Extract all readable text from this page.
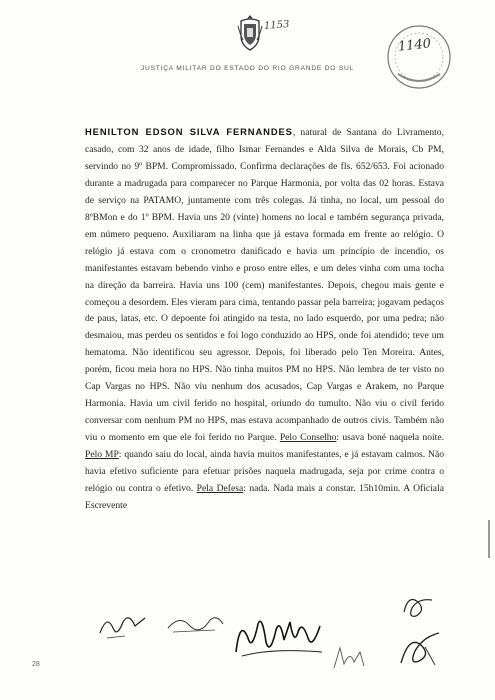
1153
JUSTIÇA MILITAR DO ESTADO DO RIO GRANDE DO SUL
1140

HENILTON EDSON SILVA FERNANDES, natural de Santana do Livramento, casado, com 32 anos de idade, filho Ismar Fernandes e Alda Silva de Morais, Cb PM, servindo no 9º BPM. Compromissado. Confirma declarações de fls. 652/653. Foi acionado durante a madrugada para comparecer no Parque Harmonia, por volta das 02 horas. Estava de serviço na PATAMO, juntamente com três colegas. Já tinha, no local, um pessoal do 8ºBMon e do 1º BPM. Havia uns 20 (vinte) homens no local e também segurança privada, em número pequeno. Auxiliaram na linha que já estava formada em frente ao relógio. O relógio já estava com o cronometro danificado e havia um princípio de incendio, os manifestantes estavam bebendo vinho e proso entre elles, e um deles vinha com uma tocha na direção da barreira. Havia uns 100 (cem) manifestantes. Depois, chegou mais gente e começou a desordem. Eles vieram para cima, tentando passar pela barreira; jogavam pedaços de paus, latas, etc. O depoente foi atingido na testa, no lado esquerdo, por uma pedra; não desmaiou, mas perdeu os sentidos e foi logo conduzido ao HPS, onde foi atendido; teve um hematoma. Não identificou seu agressor. Depois, foi liberado pelo Ten Moreira. Antes, porém, ficou meia hora no HPS. Não tinha muitos PM no HPS. Não lembra de ter visto no Cap Vargas no HPS. Não viu nenhum dos acusados, Cap Vargas e Arakem, no Parque Harmonia. Havia um civil ferido no hospital, oriundo do tumulto. Não viu o civil ferido conversar com nenhum PM no HPS, mas estava acompanhado de outros civis. Também não viu o momento em que ele foi ferido no Parque. Pelo Conselho: usava boné naquela noite. Pelo MP: quando saiu do local, ainda havia muitos manifestantes, e já estavam calmos. Não havia efetivo suficiente para efetuar prisões naquela madrugada, seja por crime contra o relógio ou contra o efetivo. Pela Defesa: nada. Nada mais a constar. 15h10min. A Oficiala Escrevente

28
